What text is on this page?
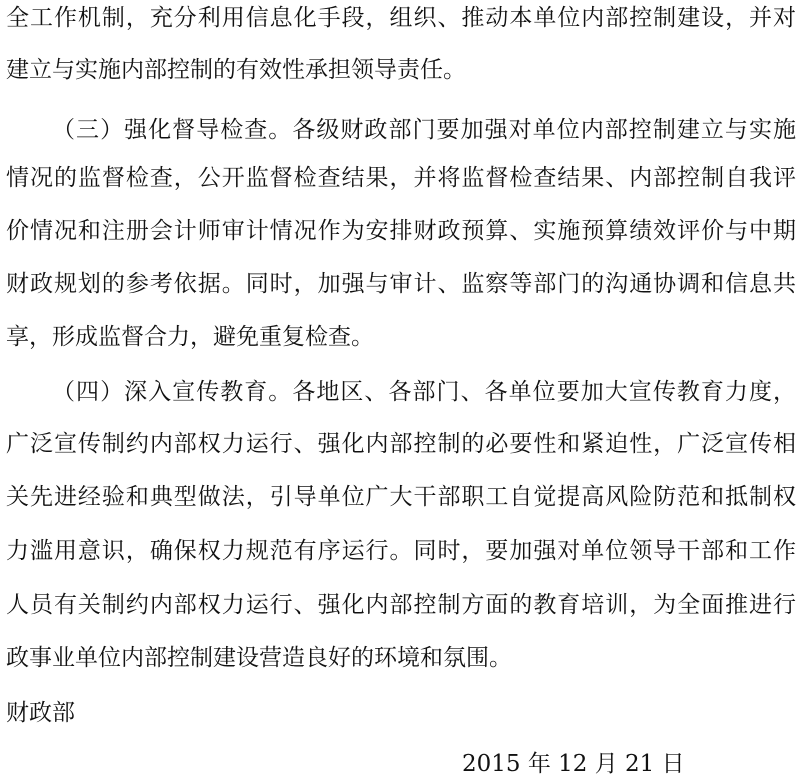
全工作机制，充分利用信息化手段，组织、推动本单位内部控制建设，并对
建立与实施内部控制的有效性承担领导责任。
（三）强化督导检查。各级财政部门要加强对单位内部控制建立与实施
情况的监督检查，公开监督检查结果，并将监督检查结果、内部控制自我评
价情况和注册会计师审计情况作为安排财政预算、实施预算绩效评价与中期
财政规划的参考依据。同时，加强与审计、监察等部门的沟通协调和信息共
享，形成监督合力，避免重复检查。
（四）深入宣传教育。各地区、各部门、各单位要加大宣传教育力度，
广泛宣传制约内部权力运行、强化内部控制的必要性和紧迫性，广泛宣传相
关先进经验和典型做法，引导单位广大干部职工自觉提高风险防范和抵制权
力滥用意识，确保权力规范有序运行。同时，要加强对单位领导干部和工作
人员有关制约内部权力运行、强化内部控制方面的教育培训，为全面推进行
政事业单位内部控制建设营造良好的环境和氛围。
财政部
2015 年 12 月 21 日
